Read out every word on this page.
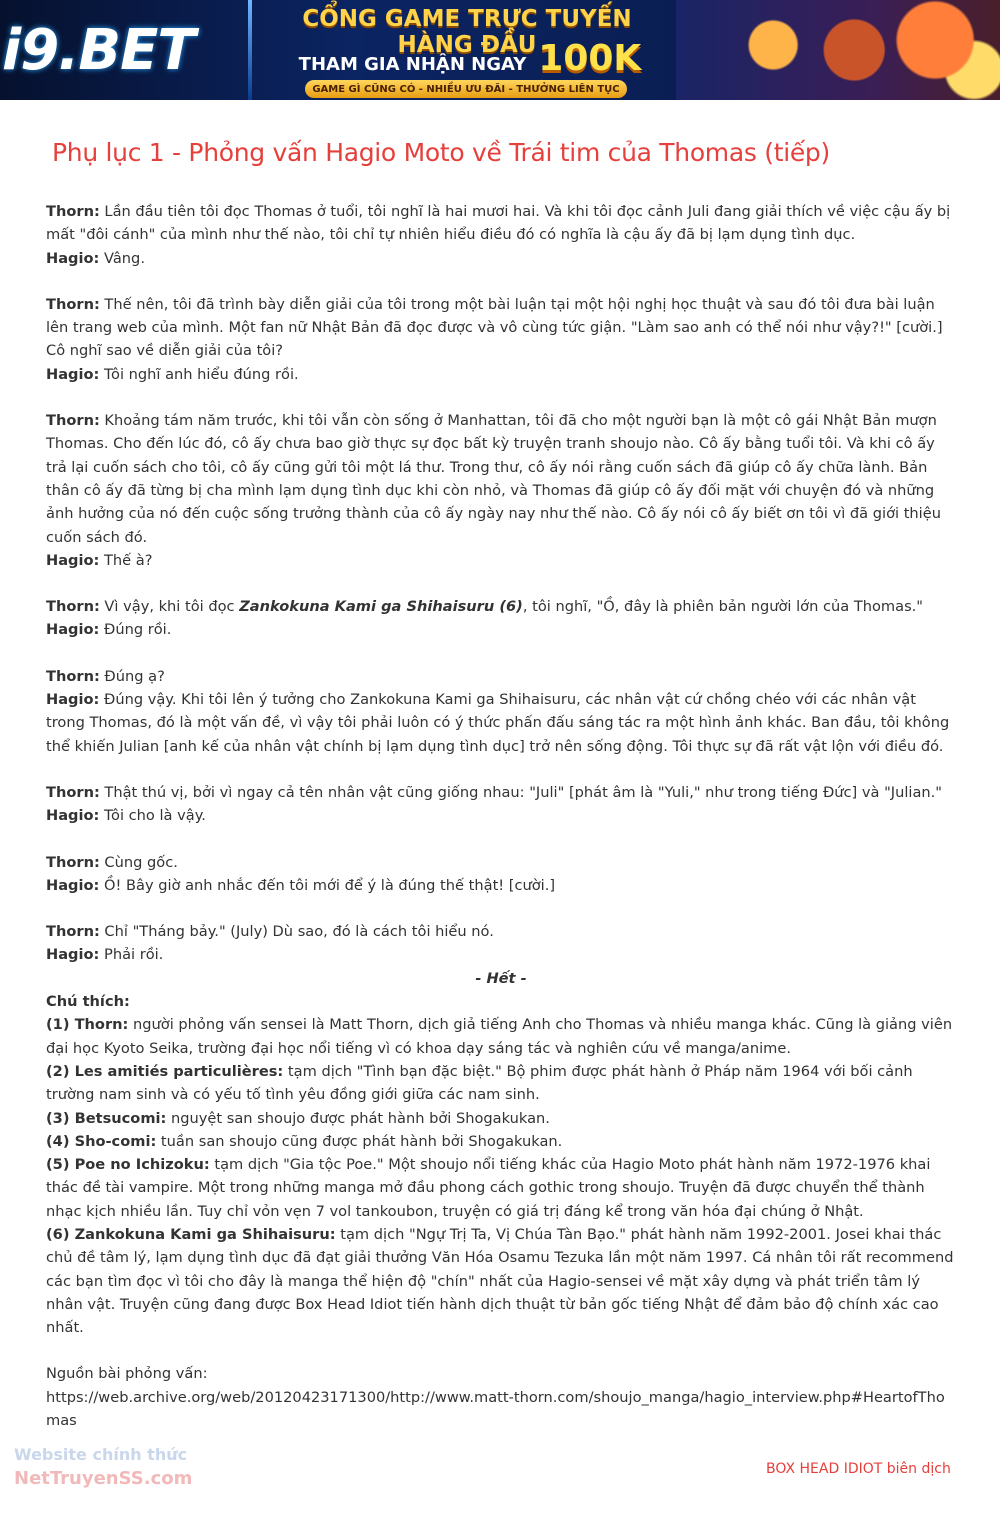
i9.BET	CỔNG GAME TRỰC TUYẾN HÀNG ĐẦU
THAM GIA NHẬN NGAY 100K
GAME GÌ CŨNG CÓ - NHIỀU ƯU ĐÃI - THƯỞNG LIÊN TỤC
Phụ lục 1 - Phỏng vấn Hagio Moto về Trái tim của Thomas (tiếp)

Thorn: Lần đầu tiên tôi đọc Thomas ở tuổi, tôi nghĩ là hai mươi hai. Và khi tôi đọc cảnh Juli đang giải thích về việc cậu ấy bị mất "đôi cánh" của mình như thế nào, tôi chỉ tự nhiên hiểu điều đó có nghĩa là cậu ấy đã bị lạm dụng tình dục.

Hagio: Vâng.

Thorn: Thế nên, tôi đã trình bày diễn giải của tôi trong một bài luận tại một hội nghị học thuật và sau đó tôi đưa bài luận lên trang web của mình. Một fan nữ Nhật Bản đã đọc được và vô cùng tức giận. "Làm sao anh có thể nói như vậy?!" [cười.] Cô nghĩ sao về diễn giải của tôi?

Hagio: Tôi nghĩ anh hiểu đúng rồi.

Thorn: Khoảng tám năm trước, khi tôi vẫn còn sống ở Manhattan, tôi đã cho một người bạn là một cô gái Nhật Bản mượn Thomas. Cho đến lúc đó, cô ấy chưa bao giờ thực sự đọc bất kỳ truyện tranh shoujo nào. Cô ấy bằng tuổi tôi. Và khi cô ấy trả lại cuốn sách cho tôi, cô ấy cũng gửi tôi một lá thư. Trong thư, cô ấy nói rằng cuốn sách đã giúp cô ấy chữa lành. Bản thân cô ấy đã từng bị cha mình lạm dụng tình dục khi còn nhỏ, và Thomas đã giúp cô ấy đối mặt với chuyện đó và những ảnh hưởng của nó đến cuộc sống trưởng thành của cô ấy ngày nay như thế nào. Cô ấy nói cô ấy biết ơn tôi vì đã giới thiệu cuốn sách đó.

Hagio: Thế à?

Thorn: Vì vậy, khi tôi đọc Zankokuna Kami ga Shihaisuru (6), tôi nghĩ, "Ồ, đây là phiên bản người lớn của Thomas."

Hagio: Đúng rồi.

Thorn: Đúng ạ?

Hagio: Đúng vậy. Khi tôi lên ý tưởng cho Zankokuna Kami ga Shihaisuru, các nhân vật cứ chồng chéo với các nhân vật trong Thomas, đó là một vấn đề, vì vậy tôi phải luôn có ý thức phấn đấu sáng tác ra một hình ảnh khác. Ban đầu, tôi không thể khiến Julian [anh kế của nhân vật chính bị lạm dụng tình dục] trở nên sống động. Tôi thực sự đã rất vật lộn với điều đó.

Thorn: Thật thú vị, bởi vì ngay cả tên nhân vật cũng giống nhau: "Juli" [phát âm là "Yuli," như trong tiếng Đức] và "Julian."

Hagio: Tôi cho là vậy.

Thorn: Cùng gốc.

Hagio: Ồ! Bây giờ anh nhắc đến tôi mới để ý là đúng thế thật! [cười.]

Thorn: Chỉ "Tháng bảy." (July) Dù sao, đó là cách tôi hiểu nó.

Hagio: Phải rồi.

- Hết -

Chú thích:

(1) Thorn: người phỏng vấn sensei là Matt Thorn, dịch giả tiếng Anh cho Thomas và nhiều manga khác. Cũng là giảng viên đại học Kyoto Seika, trường đại học nổi tiếng vì có khoa dạy sáng tác và nghiên cứu về manga/anime.

(2) Les amitiés particulières: tạm dịch "Tình bạn đặc biệt." Bộ phim được phát hành ở Pháp năm 1964 với bối cảnh trường nam sinh và có yếu tố tình yêu đồng giới giữa các nam sinh.

(3) Betsucomi: nguyệt san shoujo được phát hành bởi Shogakukan.

(4) Sho-comi: tuần san shoujo cũng được phát hành bởi Shogakukan.

(5) Poe no Ichizoku: tạm dịch "Gia tộc Poe." Một shoujo nổi tiếng khác của Hagio Moto phát hành năm 1972-1976 khai thác đề tài vampire. Một trong những manga mở đầu phong cách gothic trong shoujo. Truyện đã được chuyển thể thành nhạc kịch nhiều lần. Tuy chỉ vỏn vẹn 7 vol tankoubon, truyện có giá trị đáng kể trong văn hóa đại chúng ở Nhật.

(6) Zankokuna Kami ga Shihaisuru: tạm dịch "Ngự Trị Ta, Vị Chúa Tàn Bạo." phát hành năm 1992-2001. Josei khai thác chủ đề tâm lý, lạm dụng tình dục đã đạt giải thưởng Văn Hóa Osamu Tezuka lần một năm 1997. Cá nhân tôi rất recommend các bạn tìm đọc vì tôi cho đây là manga thể hiện độ "chín" nhất của Hagio-sensei về mặt xây dựng và phát triển tâm lý nhân vật. Truyện cũng đang được Box Head Idiot tiến hành dịch thuật từ bản gốc tiếng Nhật để đảm bảo độ chính xác cao nhất.

Nguồn bài phỏng vấn:

https://web.archive.org/web/20120423171300/http://www.matt-thorn.com/shoujo_manga/hagio_interview.php#HeartofThomas

Website chính thức
NetTruyenSS.com	BOX HEAD IDIOT biên dịch
